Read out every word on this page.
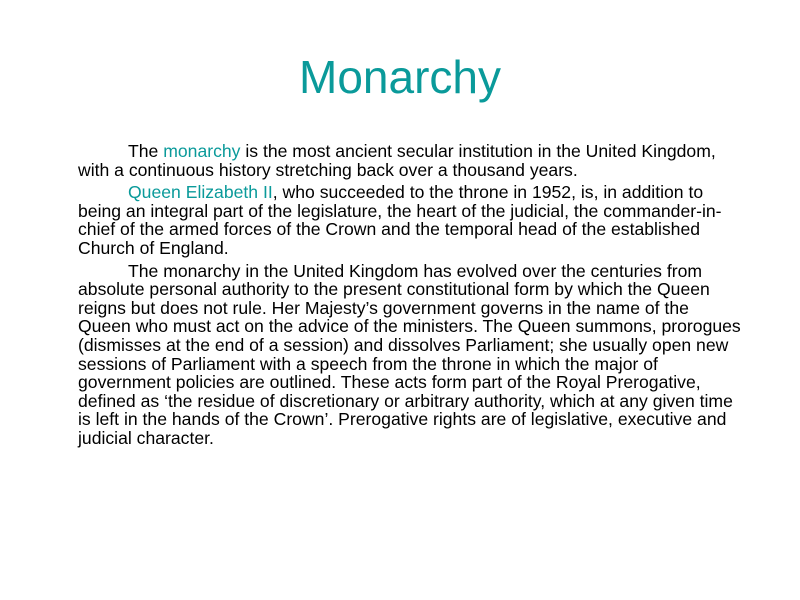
Monarchy

The monarchy is the most ancient secular institution in the United Kingdom, with a continuous history stretching back over a thousand years.

Queen Elizabeth II, who succeeded to the throne in 1952, is, in addition to being an integral part of the legislature, the heart of the judicial, the commander-in-chief of the armed forces of the Crown and the temporal head of the established Church of England.

The monarchy in the United Kingdom has evolved over the centuries from absolute personal authority to the present constitutional form by which the Queen reigns but does not rule. Her Majesty’s government governs in the name of the Queen who must act on the advice of the ministers. The Queen summons, prorogues (dismisses at the end of a session) and dissolves Parliament; she usually open new sessions of Parliament with a speech from the throne in which the major of government policies are outlined. These acts form part of the Royal Prerogative, defined as ‘the residue of discretionary or arbitrary authority, which at any given time is left in the hands of the Crown’. Prerogative rights are of legislative, executive and judicial character.
